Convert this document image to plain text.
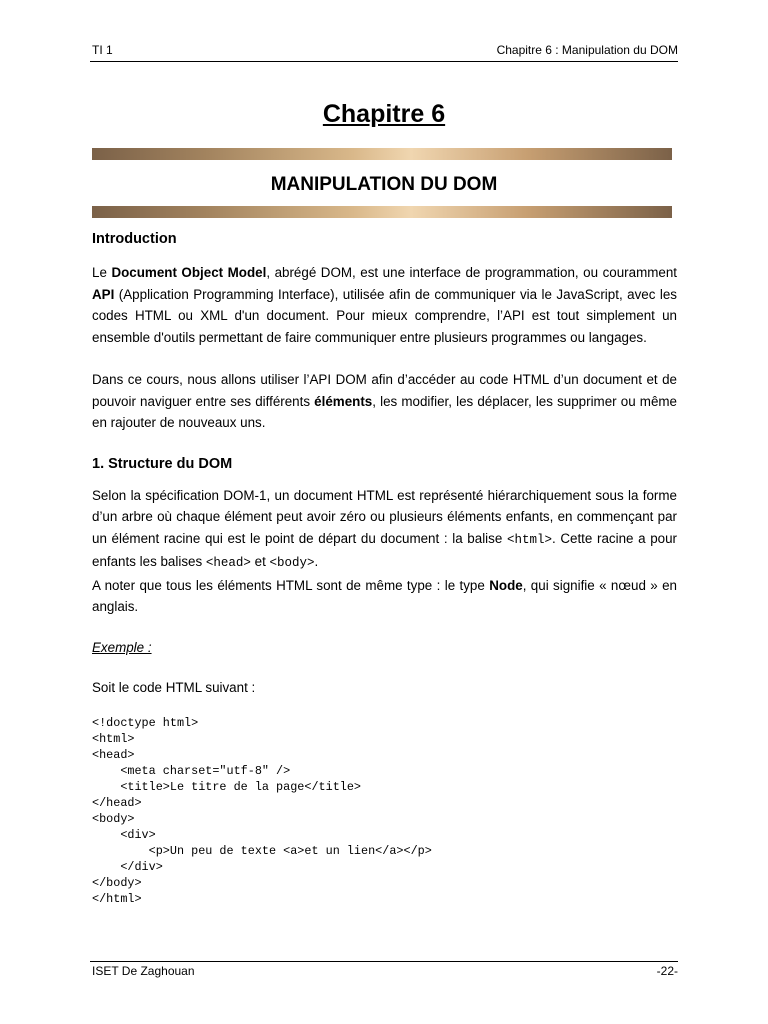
TI 1	Chapitre 6 : Manipulation du DOM
Chapitre 6
MANIPULATION DU DOM
Introduction

Le Document Object Model, abrégé DOM, est une interface de programmation, ou couramment API (Application Programming Interface), utilisée afin de communiquer via le JavaScript, avec les codes HTML ou XML d'un document. Pour mieux comprendre, l’API est tout simplement un ensemble d'outils permettant de faire communiquer entre plusieurs programmes ou langages.

Dans ce cours, nous allons utiliser l’API DOM afin d’accéder au code HTML d’un document et de pouvoir naviguer entre ses différents éléments, les modifier, les déplacer, les supprimer ou même en rajouter de nouveaux uns.

1. Structure du DOM

Selon la spécification DOM-1, un document HTML est représenté hiérarchiquement sous la forme d’un arbre où chaque élément peut avoir zéro ou plusieurs éléments enfants, en commençant par un élément racine qui est le point de départ du document : la balise <html>. Cette racine a pour enfants les balises <head> et <body>.

A noter que tous les éléments HTML sont de même type : le type Node, qui signifie « nœud » en anglais.

Exemple :

Soit le code HTML suivant :

<!doctype html>
<html>
<head>
<meta charset="utf-8" />
<title>Le titre de la page</title>
</head>
<body>
<div>
<p>Un peu de texte <a>et un lien</a></p>
</div>
</body>
</html>
ISET De Zaghouan	-22-
